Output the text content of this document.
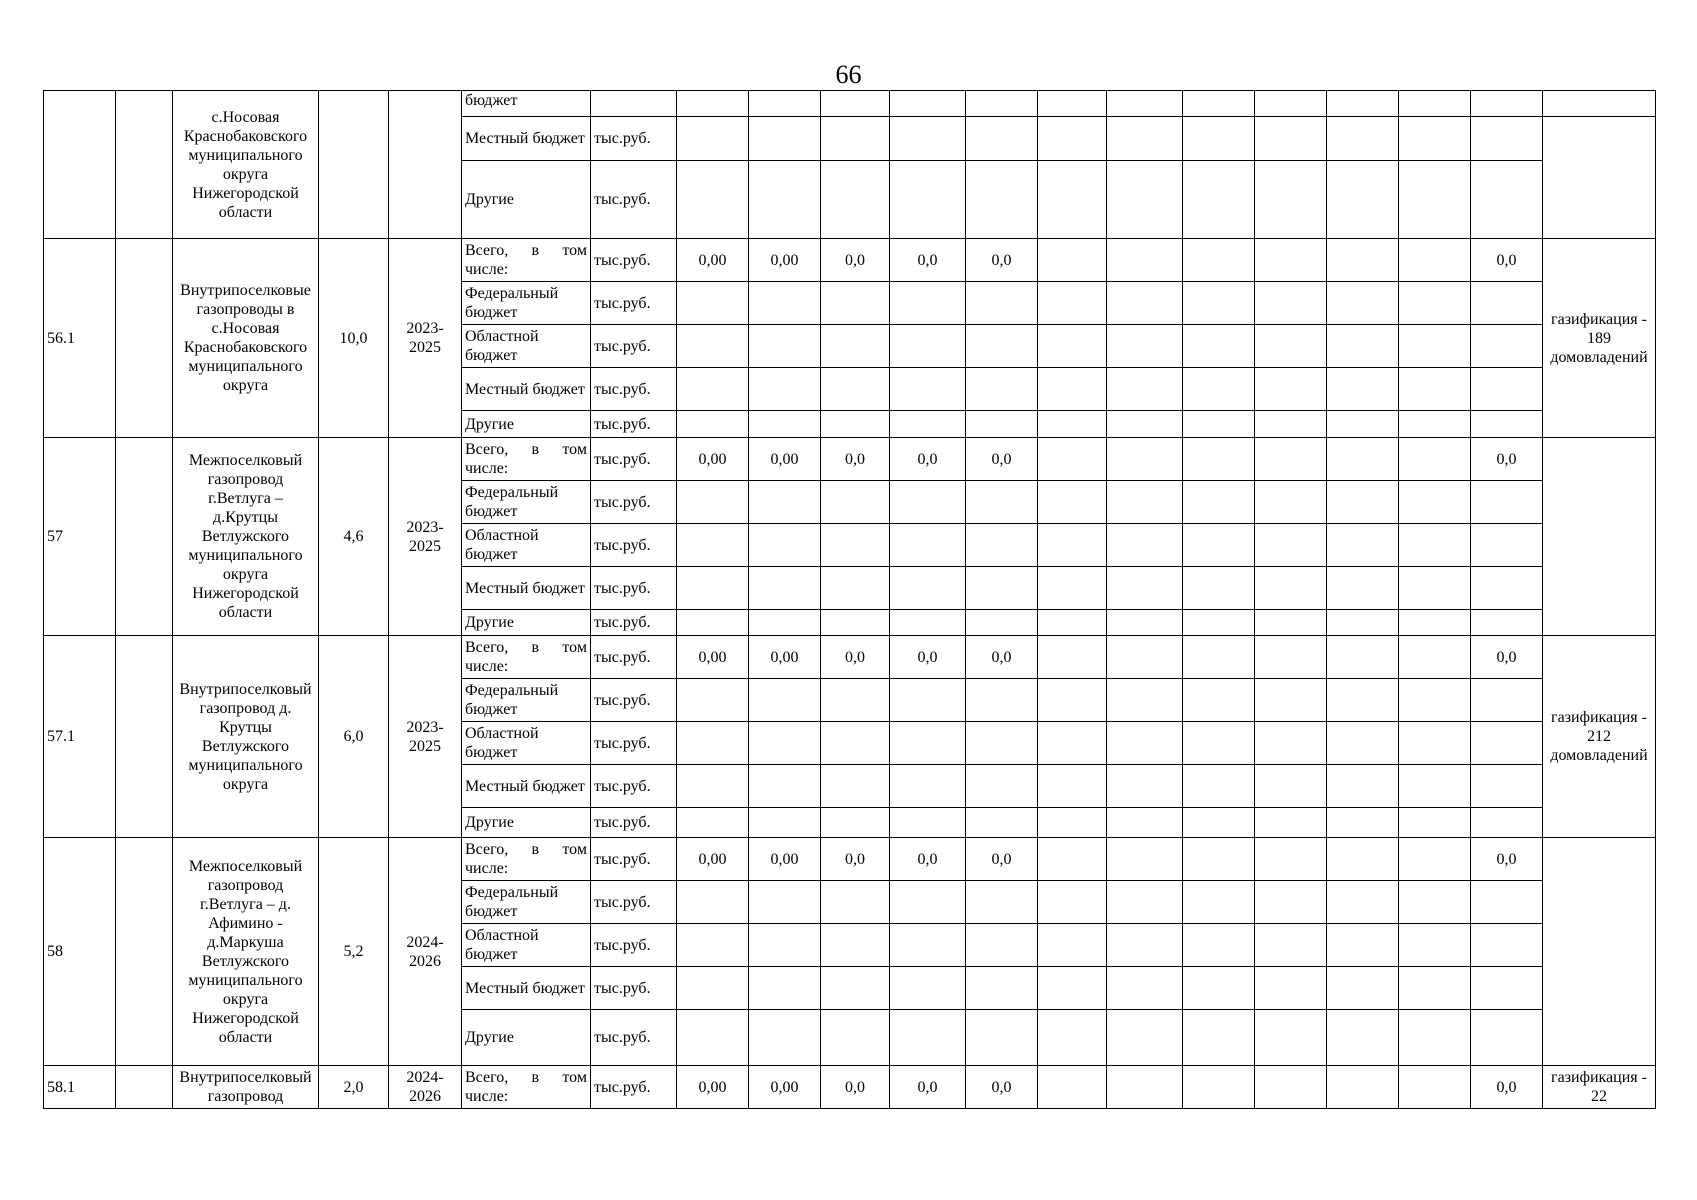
66
		с.Носовая Краснобаковского муниципального округа Нижегородской области			бюджет														
					Местный бюджет	тыс.руб.													
					Другие	тыс.руб.													
56.1		Внутрипоселковые газопроводы в с.Носовая Краснобаковского муниципального округа	10,0	2023-2025	Всего, в том числе:	тыс.руб.	0,00	0,00	0,0	0,0	0,0							0,0	газификация - 189 домовладений
					Федеральный бюджет	тыс.руб.													
					Областной бюджет	тыс.руб.													
					Местный бюджет	тыс.руб.													
					Другие	тыс.руб.													
57		Межпоселковый газопровод г.Ветлуга – д.Крутцы Ветлужского муниципального округа Нижегородской области	4,6	2023-2025	Всего, в том числе:	тыс.руб.	0,00	0,00	0,0	0,0	0,0							0,0	
					Федеральный бюджет	тыс.руб.													
					Областной бюджет	тыс.руб.													
					Местный бюджет	тыс.руб.													
					Другие	тыс.руб.													
57.1		Внутрипоселковый газопровод д. Крутцы Ветлужского муниципального округа	6,0	2023-2025	Всего, в том числе:	тыс.руб.	0,00	0,00	0,0	0,0	0,0							0,0	газификация - 212 домовладений
					Федеральный бюджет	тыс.руб.													
					Областной бюджет	тыс.руб.													
					Местный бюджет	тыс.руб.													
					Другие	тыс.руб.													
58		Межпоселковый газопровод г.Ветлуга – д. Афимино - д.Маркуша Ветлужского муниципального округа Нижегородской области	5,2	2024-2026	Всего, в том числе:	тыс.руб.	0,00	0,00	0,0	0,0	0,0							0,0	
					Федеральный бюджет	тыс.руб.													
					Областной бюджет	тыс.руб.													
					Местный бюджет	тыс.руб.													
					Другие	тыс.руб.													
58.1		Внутрипоселковый газопровод	2,0	2024-2026	Всего, в том числе:	тыс.руб.	0,00	0,00	0,0	0,0	0,0							0,0	газификация - 22
